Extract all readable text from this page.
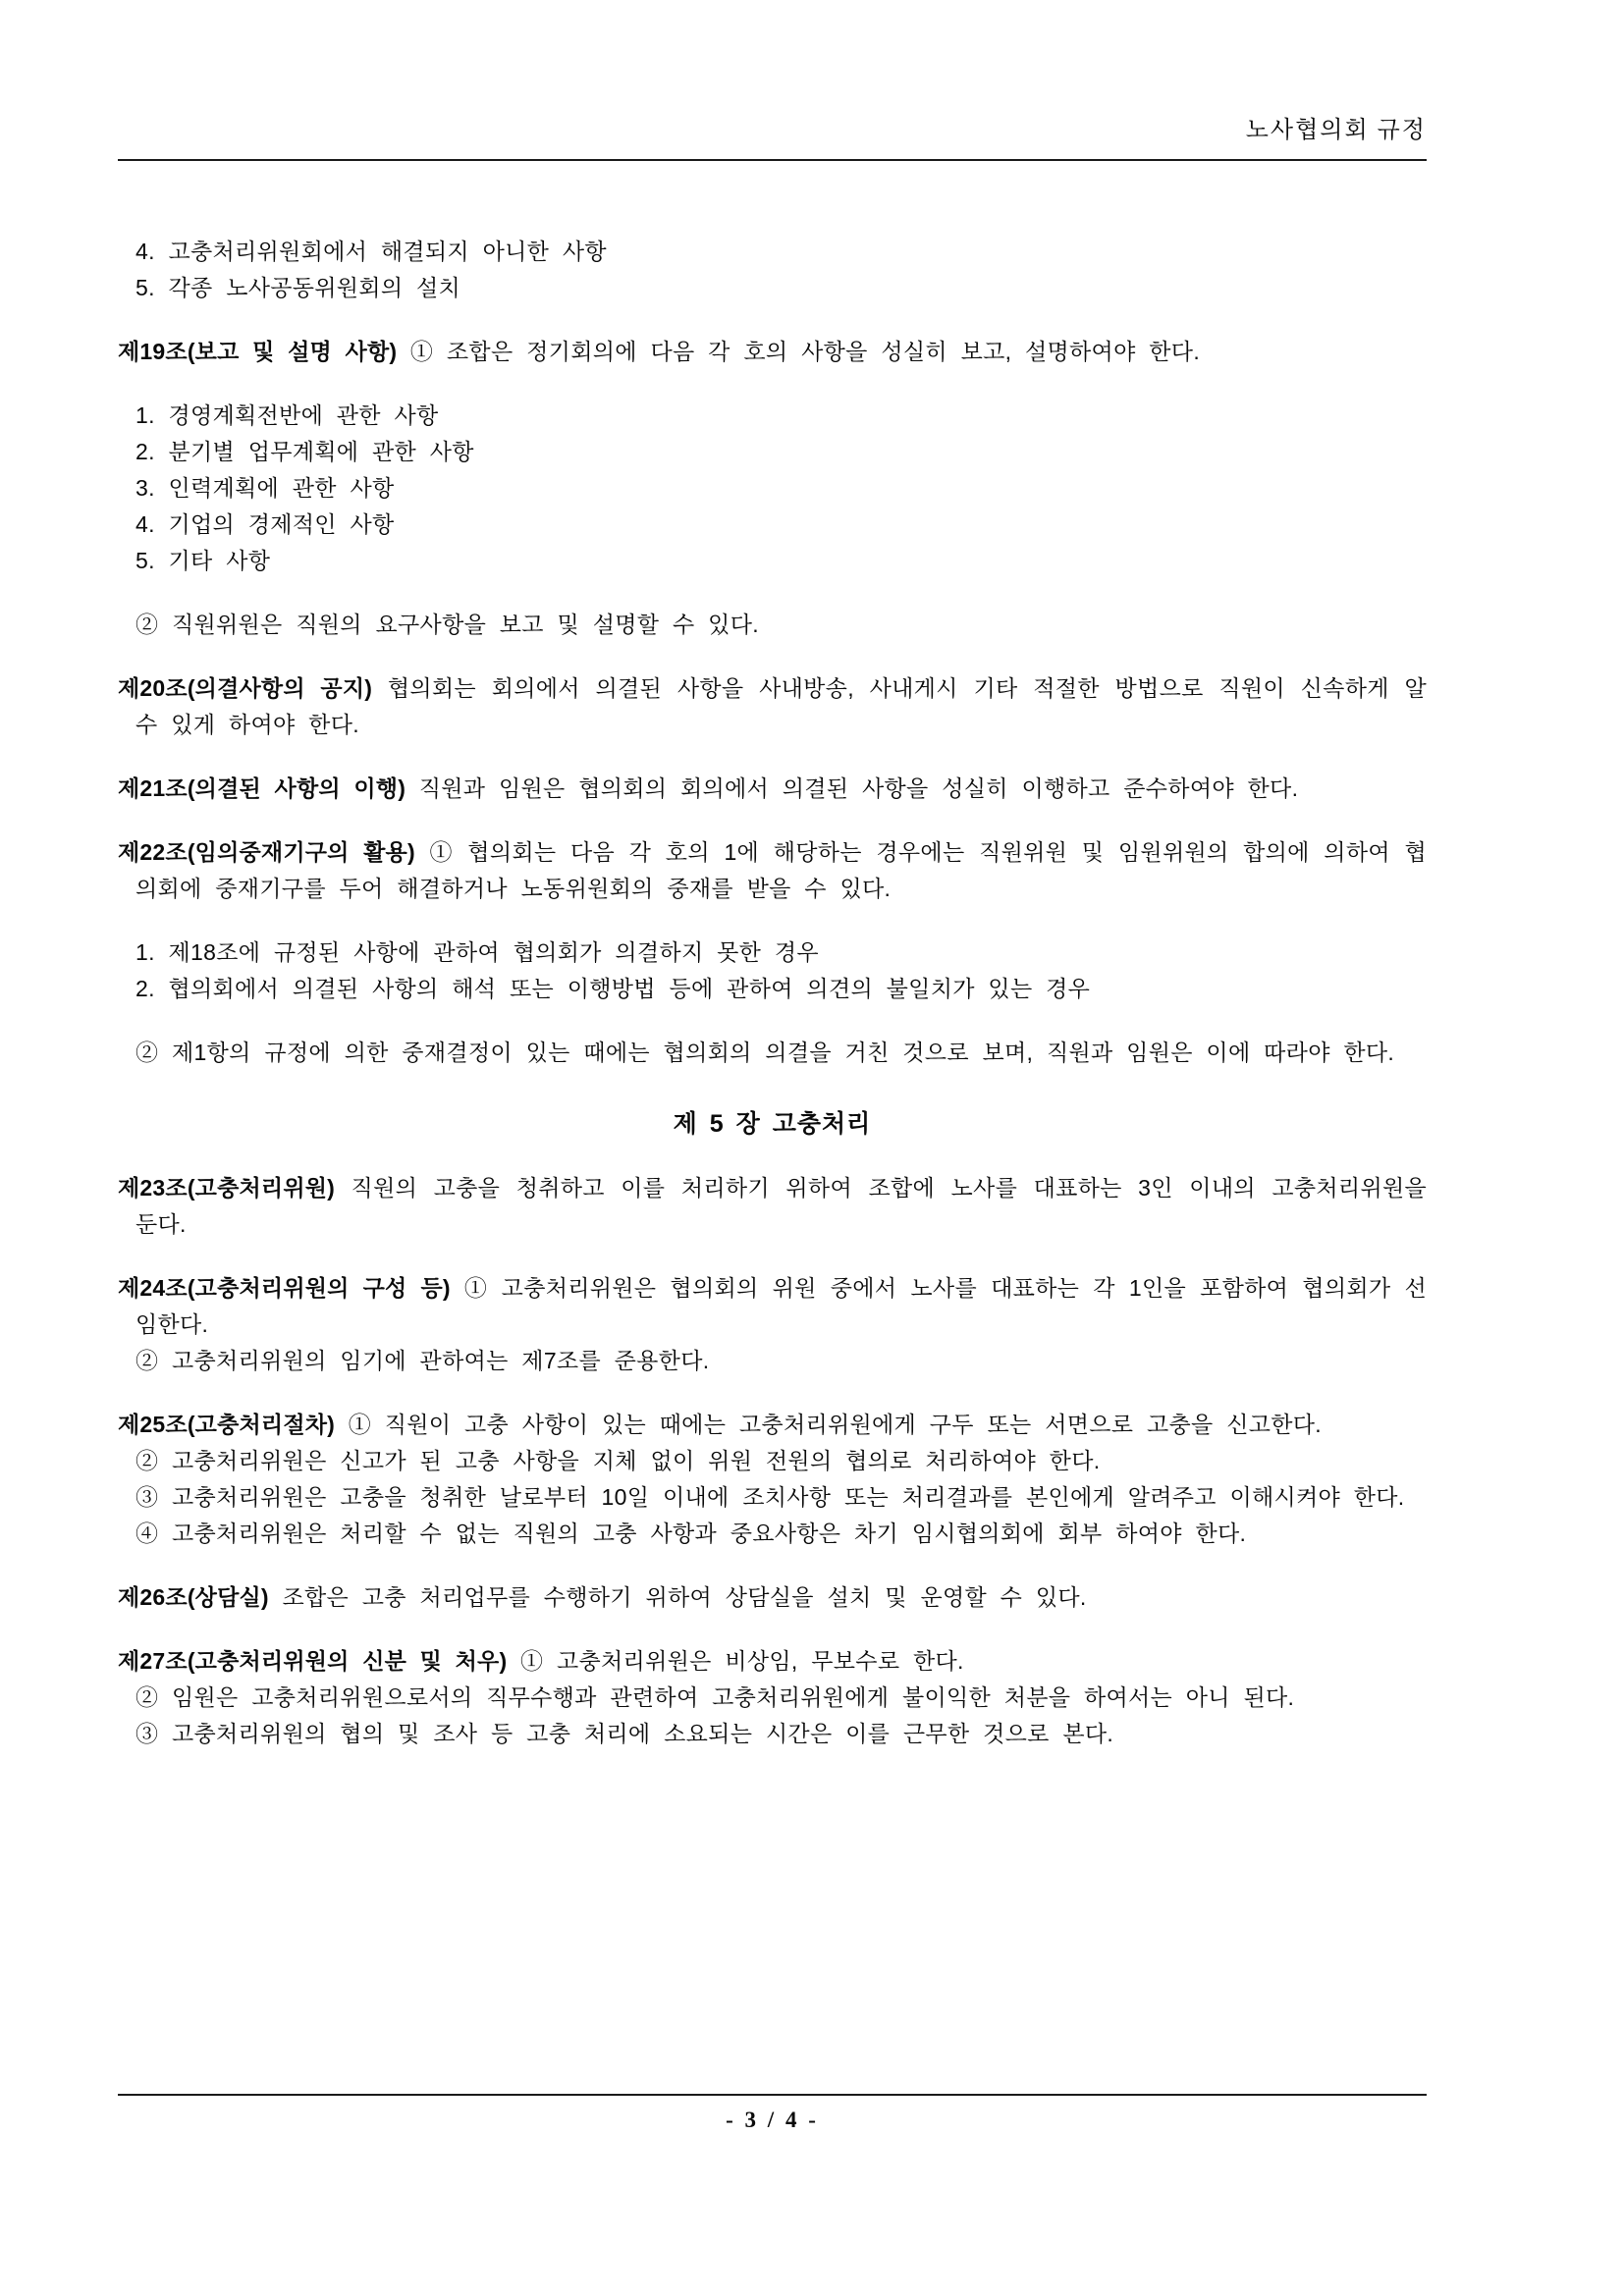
노사협의회 규정
4. 고충처리위원회에서 해결되지 아니한 사항
5. 각종 노사공동위원회의 설치
제19조(보고 및 설명 사항) ① 조합은 정기회의에 다음 각 호의 사항을 성실히 보고, 설명하여야 한다.
1. 경영계획전반에 관한 사항
2. 분기별 업무계획에 관한 사항
3. 인력계획에 관한 사항
4. 기업의 경제적인 사항
5. 기타 사항
② 직원위원은 직원의 요구사항을 보고 및 설명할 수 있다.
제20조(의결사항의 공지) 협의회는 회의에서 의결된 사항을 사내방송, 사내게시 기타 적절한 방법으로 직원이 신속하게 알 수 있게 하여야 한다.
제21조(의결된 사항의 이행) 직원과 임원은 협의회의 회의에서 의결된 사항을 성실히 이행하고 준수하여야 한다.
제22조(임의중재기구의 활용) ① 협의회는 다음 각 호의 1에 해당하는 경우에는 직원위원 및 임원위원의 합의에 의하여 협의회에 중재기구를 두어 해결하거나 노동위원회의 중재를 받을 수 있다.
1. 제18조에 규정된 사항에 관하여 협의회가 의결하지 못한 경우
2. 협의회에서 의결된 사항의 해석 또는 이행방법 등에 관하여 의견의 불일치가 있는 경우
② 제1항의 규정에 의한 중재결정이 있는 때에는 협의회의 의결을 거친 것으로 보며, 직원과 임원은 이에 따라야 한다.
제 5 장 고충처리
제23조(고충처리위원) 직원의 고충을 청취하고 이를 처리하기 위하여 조합에 노사를 대표하는 3인 이내의 고충처리위원을 둔다.
제24조(고충처리위원의 구성 등) ① 고충처리위원은 협의회의 위원 중에서 노사를 대표하는 각 1인을 포함하여 협의회가 선임한다.
② 고충처리위원의 임기에 관하여는 제7조를 준용한다.
제25조(고충처리절차) ① 직원이 고충 사항이 있는 때에는 고충처리위원에게 구두 또는 서면으로 고충을 신고한다.
② 고충처리위원은 신고가 된 고충 사항을 지체 없이 위원 전원의 협의로 처리하여야 한다.
③ 고충처리위원은 고충을 청취한 날로부터 10일 이내에 조치사항 또는 처리결과를 본인에게 알려주고 이해시켜야 한다.
④ 고충처리위원은 처리할 수 없는 직원의 고충 사항과 중요사항은 차기 임시협의회에 회부 하여야 한다.
제26조(상담실) 조합은 고충 처리업무를 수행하기 위하여 상담실을 설치 및 운영할 수 있다.
제27조(고충처리위원의 신분 및 처우) ① 고충처리위원은 비상임, 무보수로 한다.
② 임원은 고충처리위원으로서의 직무수행과 관련하여 고충처리위원에게 불이익한 처분을 하여서는 아니 된다.
③ 고충처리위원의 협의 및 조사 등 고충 처리에 소요되는 시간은 이를 근무한 것으로 본다.
- 3 / 4 -
